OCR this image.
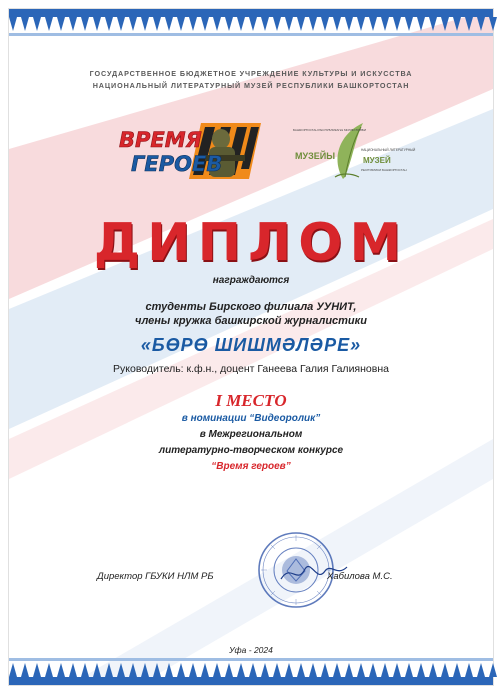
ГОСУДАРСТВЕННОЕ БЮДЖЕТНОЕ УЧРЕЖДЕНИЕ КУЛЬТУРЫ И ИСКУССТВА
НАЦИОНАЛЬНЫЙ ЛИТЕРАТУРНЫЙ МУЗЕЙ РЕСПУБЛИКИ БАШКОРТОСТАН
ВРЕМЯ
ГЕРОЕВ
БАШКОРТОСТАН РЕСПУБЛИКАҺЫ МИЛЛИ ӘҘӘБИ
МУЗЕЙЫ
НАЦИОНАЛЬНЫЙ ЛИТЕРАТУРНЫЙ
МУЗЕЙ
РЕСПУБЛИКИ БАШКОРТОСТАН
ДИПЛОМ
награждаются
студенты Бирского филиала УУНИТ,
члены кружка башкирской журналистики
«БӨРӨ ШИШМӘЛӘРЕ»
Руководитель: к.ф.н., доцент Ганеева Галия Галияновна
I МЕСТО
в номинации “Видеоролик”
в Межрегиональном
литературно-творческом конкурсе
“Время героев”
Директор ГБУКИ НЛМ РБ	Хабилова М.С.
Уфа - 2024
